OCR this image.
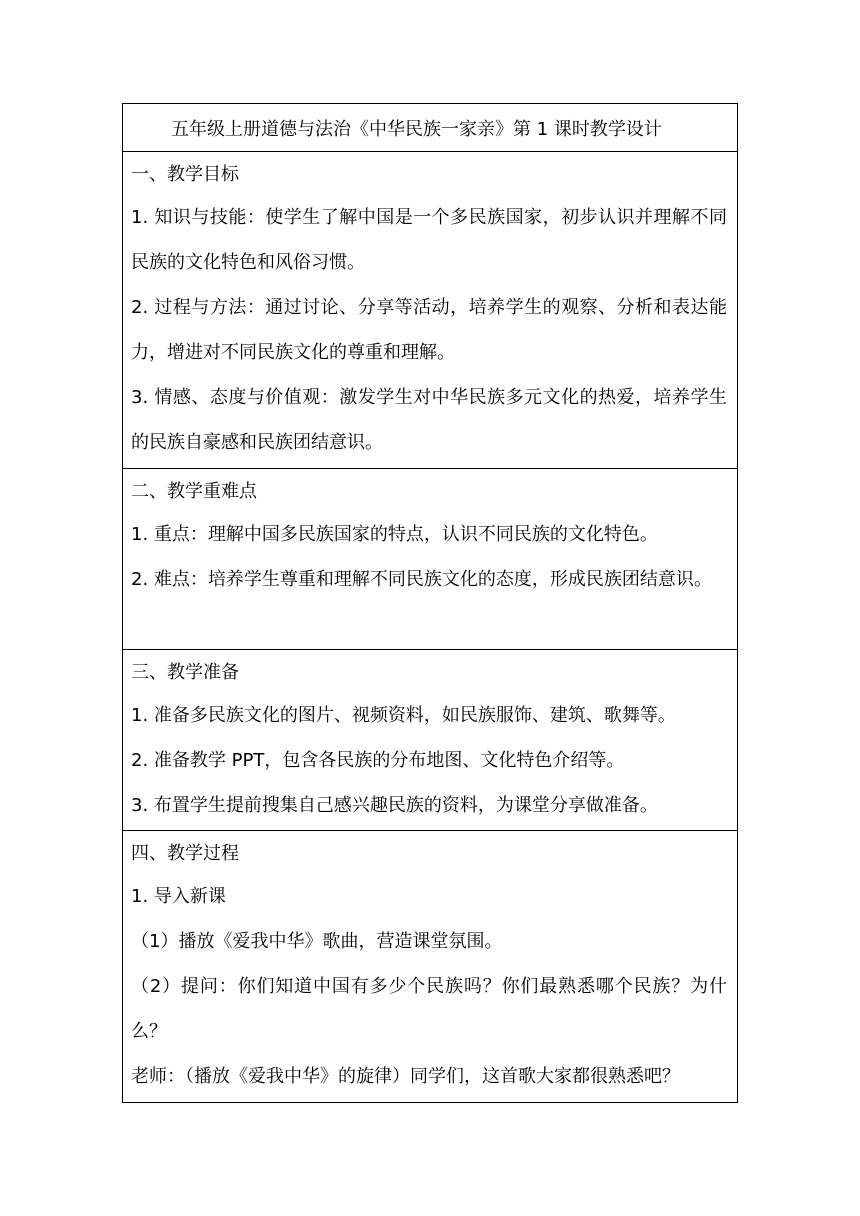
五年级上册道德与法治《中华民族一家亲》第 1 课时教学设计

一、教学目标

1. 知识与技能：使学生了解中国是一个多民族国家，初步认识并理解不同民族的文化特色和风俗习惯。

2. 过程与方法：通过讨论、分享等活动，培养学生的观察、分析和表达能力，增进对不同民族文化的尊重和理解。

3. 情感、态度与价值观：激发学生对中华民族多元文化的热爱，培养学生的民族自豪感和民族团结意识。

二、教学重难点

1. 重点：理解中国多民族国家的特点，认识不同民族的文化特色。

2. 难点：培养学生尊重和理解不同民族文化的态度，形成民族团结意识。

三、教学准备

1. 准备多民族文化的图片、视频资料，如民族服饰、建筑、歌舞等。

2. 准备教学 PPT，包含各民族的分布地图、文化特色介绍等。

3. 布置学生提前搜集自己感兴趣民族的资料，为课堂分享做准备。

四、教学过程

1. 导入新课

（1）播放《爱我中华》歌曲，营造课堂氛围。

（2）提问：你们知道中国有多少个民族吗？你们最熟悉哪个民族？为什么？

老师：（播放《爱我中华》的旋律）同学们，这首歌大家都很熟悉吧？
